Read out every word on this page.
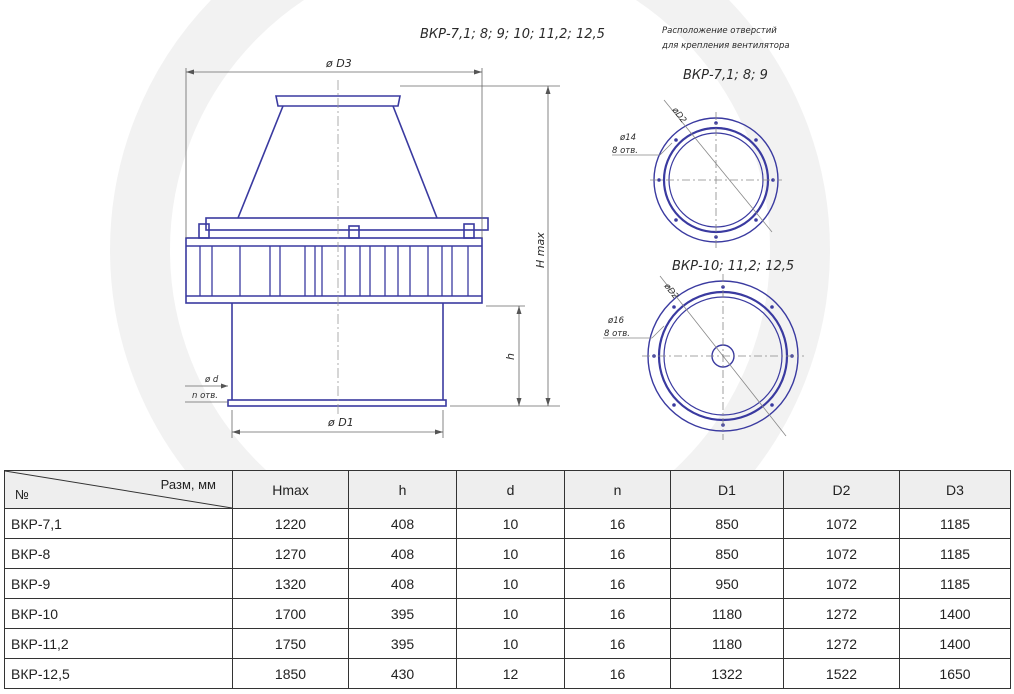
ВКР-7,1; 8; 9; 10; 11,2; 12,5	Расположение отверстий
для крепления вентилятора
ВКР-7,1; 8; 9
ВКР-10; 11,2; 12,5
ø D3
ø D1
H max
h
ø d
n отв.
øD2
ø14
8 отв.
øD2
ø16
8 отв.
Разм, мм
№	Hmax	h	d	n	D1	D2	D3
ВКР-7,1	1220	408	10	16	850	1072	1185
ВКР-8	1270	408	10	16	850	1072	1185
ВКР-9	1320	408	10	16	950	1072	1185
ВКР-10	1700	395	10	16	1180	1272	1400
ВКР-11,2	1750	395	10	16	1180	1272	1400
ВКР-12,5	1850	430	12	16	1322	1522	1650
